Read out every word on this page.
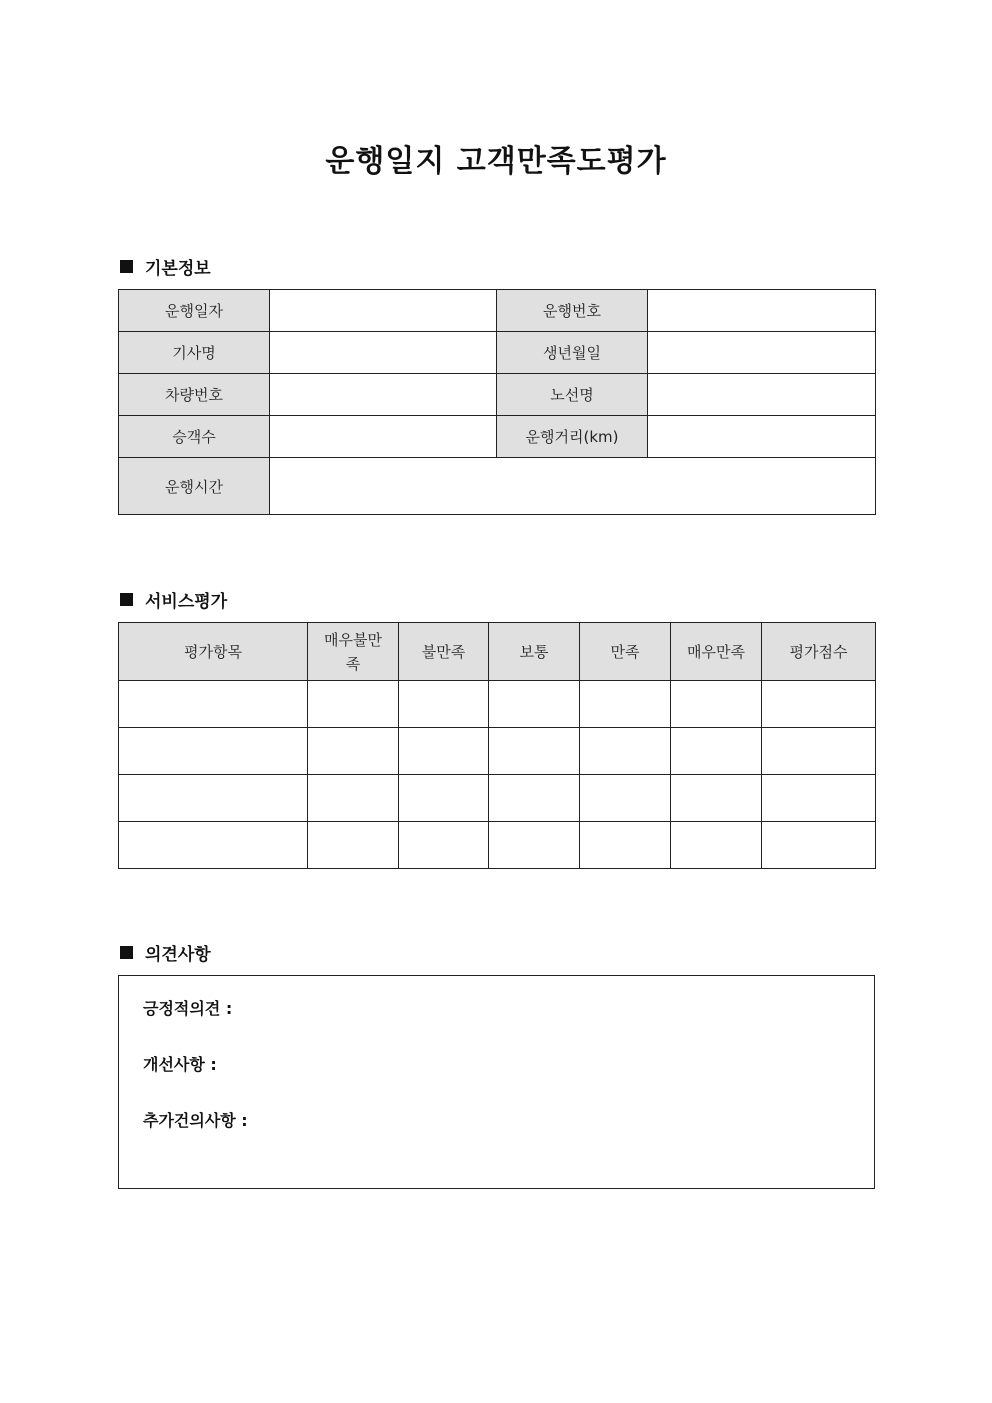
운행일지 고객만족도평가
기본정보
운행일자		운행번호	
기사명		생년월일	
차량번호		노선명	
승객수		운행거리(km)	
운행시간			
서비스평가
평가항목	매우불만족	불만족	보통	만족	매우만족	평가점수

의견사항
긍정적의견 :
개선사항 :
추가건의사항 :
